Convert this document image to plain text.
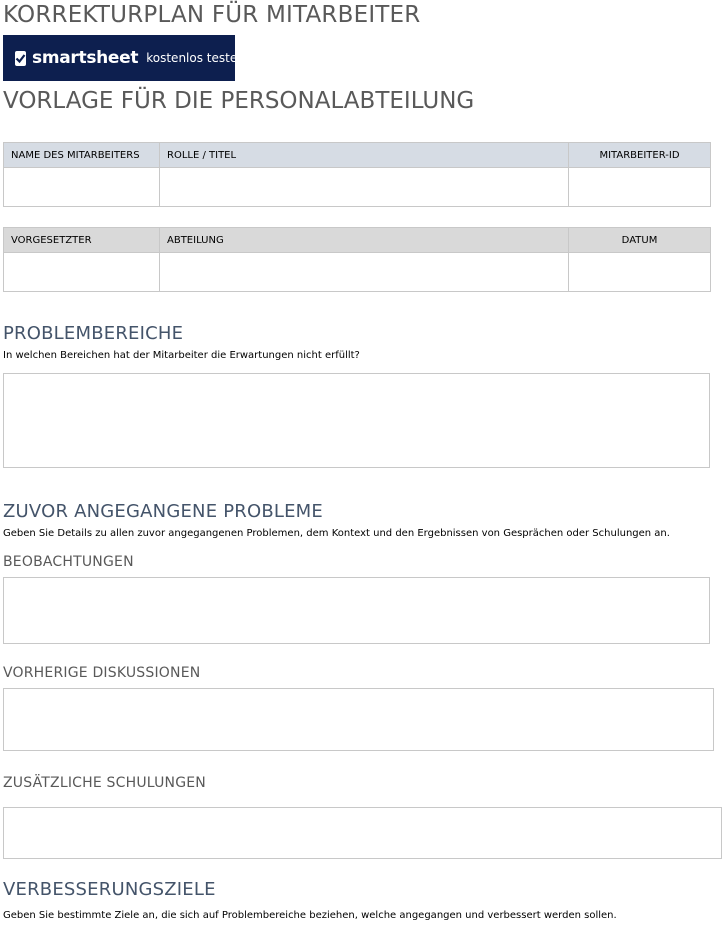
KORREKTURPLAN FÜR MITARBEITER
smartsheet kostenlos testen
VORLAGE FÜR DIE PERSONALABTEILUNG
NAME DES MITARBEITERS	ROLLE / TITEL	MITARBEITER-ID

VORGESETZTER	ABTEILUNG	DATUM

PROBLEMBEREICHE
In welchen Bereichen hat der Mitarbeiter die Erwartungen nicht erfüllt?
ZUVOR ANGEGANGENE PROBLEME
Geben Sie Details zu allen zuvor angegangenen Problemen, dem Kontext und den Ergebnissen von Gesprächen oder Schulungen an.
BEOBACHTUNGEN
VORHERIGE DISKUSSIONEN
ZUSÄTZLICHE SCHULUNGEN
VERBESSERUNGSZIELE
Geben Sie bestimmte Ziele an, die sich auf Problembereiche beziehen, welche angegangen und verbessert werden sollen.
